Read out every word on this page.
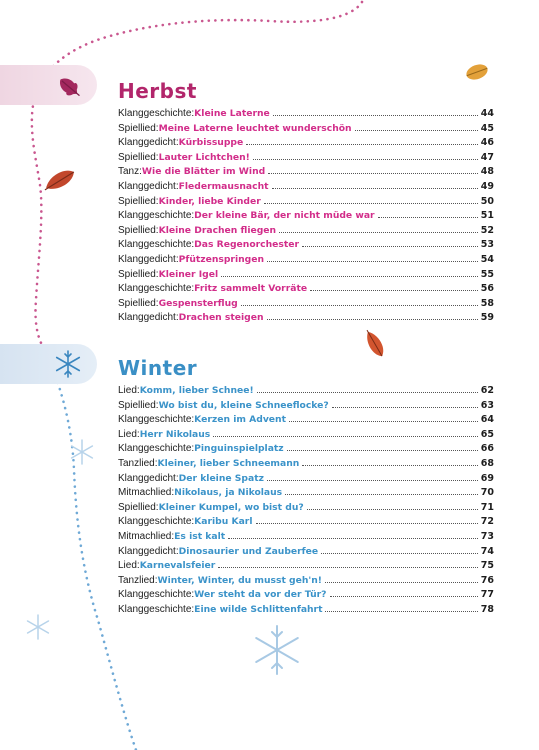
Herbst
Klanggeschichte: Kleine Laterne	44
Spiellied: Meine Laterne leuchtet wunderschön	45
Klanggedicht: Kürbissuppe	46
Spiellied: Lauter Lichtchen!	47
Tanz: Wie die Blätter im Wind	48
Klanggedicht: Fledermausnacht	49
Spiellied: Kinder, liebe Kinder	50
Klanggeschichte: Der kleine Bär, der nicht müde war	51
Spiellied: Kleine Drachen fliegen	52
Klanggeschichte: Das Regenorchester	53
Klanggedicht: Pfützenspringen	54
Spiellied: Kleiner Igel	55
Klanggeschichte: Fritz sammelt Vorräte	56
Spiellied: Gespensterflug	58
Klanggedicht: Drachen steigen	59
Winter
Lied: Komm, lieber Schnee!	62
Spiellied: Wo bist du, kleine Schneeflocke?	63
Klanggeschichte: Kerzen im Advent	64
Lied: Herr Nikolaus	65
Klanggeschichte: Pinguinspielplatz	66
Tanzlied: Kleiner, lieber Schneemann	68
Klanggedicht: Der kleine Spatz	69
Mitmachlied: Nikolaus, ja Nikolaus	70
Spiellied: Kleiner Kumpel, wo bist du?	71
Klanggeschichte: Karibu Karl	72
Mitmachlied: Es ist kalt	73
Klanggedicht: Dinosaurier und Zauberfee	74
Lied: Karnevalsfeier	75
Tanzlied: Winter, Winter, du musst geh'n!	76
Klanggeschichte: Wer steht da vor der Tür?	77
Klanggeschichte: Eine wilde Schlittenfahrt	78
